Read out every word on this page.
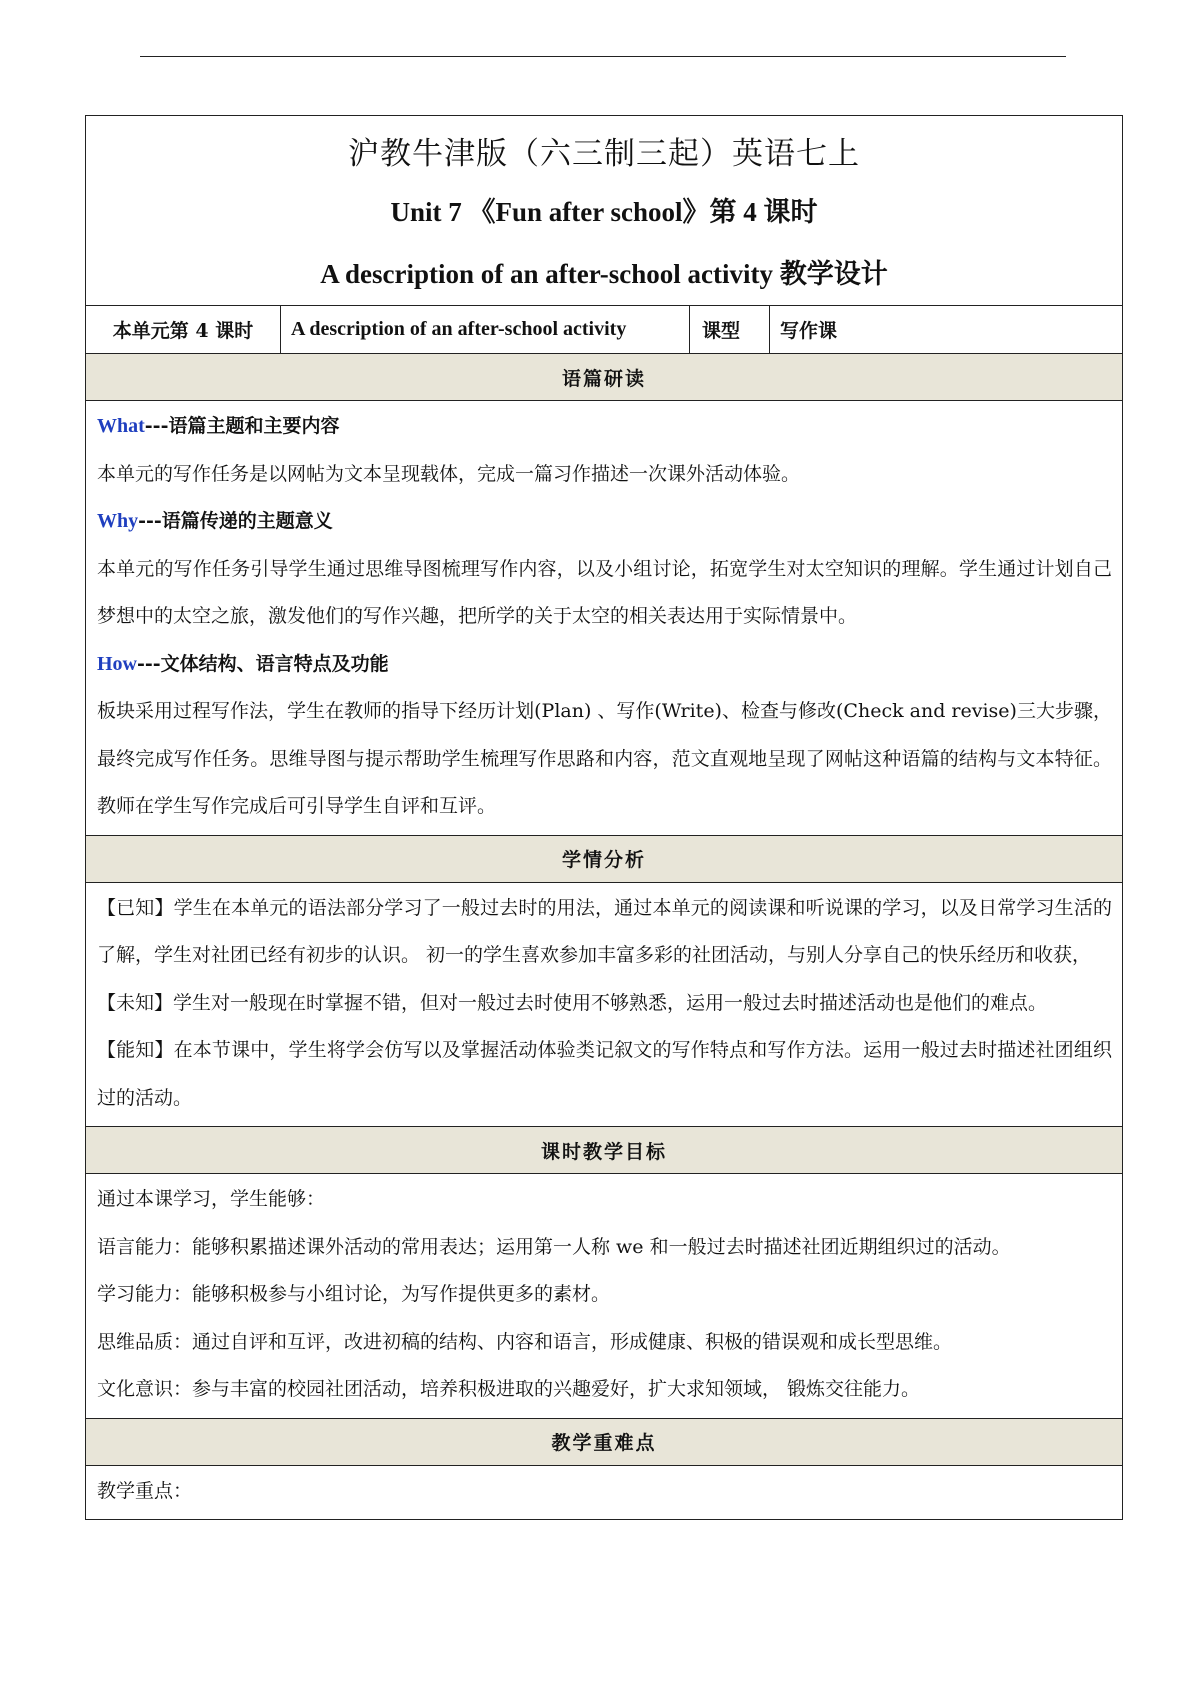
沪教牛津版（六三制三起）英语七上
Unit 7 《Fun after school》第 4 课时
A description of an after-school activity 教学设计
本单元第 4 课时	A description of an after-school activity	课型	写作课
语篇研读
What---语篇主题和主要内容
本单元的写作任务是以网帖为文本呈现载体，完成一篇习作描述一次课外活动体验。
Why---语篇传递的主题意义
本单元的写作任务引导学生通过思维导图梳理写作内容，以及小组讨论，拓宽学生对太空知识的理解。学生通过计划自己梦想中的太空之旅，激发他们的写作兴趣，把所学的关于太空的相关表达用于实际情景中。
How---文体结构、语言特点及功能
板块采用过程写作法，学生在教师的指导下经历计划(Plan) 、写作(Write)、检查与修改(Check and revise)三大步骤，最终完成写作任务。思维导图与提示帮助学生梳理写作思路和内容，范文直观地呈现了网帖这种语篇的结构与文本特征。教师在学生写作完成后可引导学生自评和互评。
学情分析
【已知】学生在本单元的语法部分学习了一般过去时的用法，通过本单元的阅读课和听说课的学习，以及日常学习生活的了解，学生对社团已经有初步的认识。 初一的学生喜欢参加丰富多彩的社团活动，与别人分享自己的快乐经历和收获，
【未知】学生对一般现在时掌握不错，但对一般过去时使用不够熟悉，运用一般过去时描述活动也是他们的难点。
【能知】在本节课中，学生将学会仿写以及掌握活动体验类记叙文的写作特点和写作方法。运用一般过去时描述社团组织过的活动。
课时教学目标
通过本课学习，学生能够：
语言能力：能够积累描述课外活动的常用表达；运用第一人称 we 和一般过去时描述社团近期组织过的活动。
学习能力：能够积极参与小组讨论，为写作提供更多的素材。
思维品质：通过自评和互评，改进初稿的结构、内容和语言，形成健康、积极的错误观和成长型思维。
文化意识：参与丰富的校园社团活动，培养积极进取的兴趣爱好，扩大求知领域， 锻炼交往能力。
教学重难点
教学重点：
